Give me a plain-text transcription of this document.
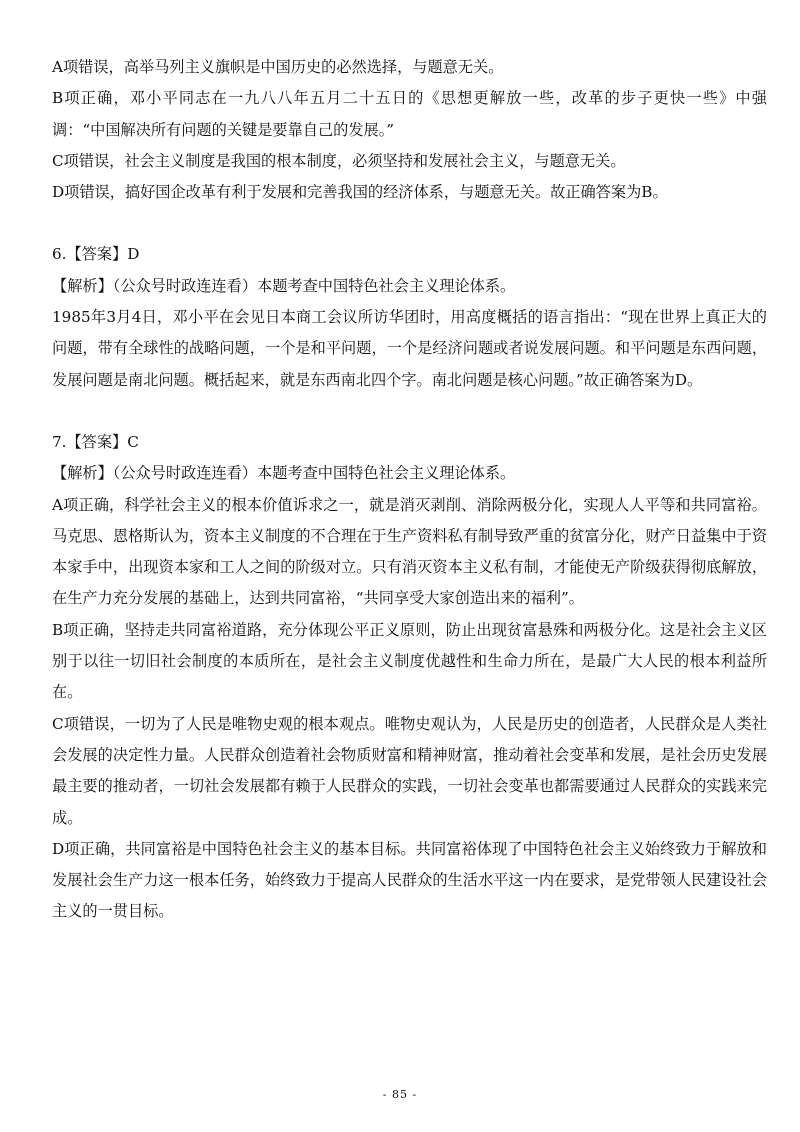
A项错误，高举马列主义旗帜是中国历史的必然选择，与题意无关。

B项正确，邓小平同志在一九八八年五月二十五日的《思想更解放一些，改革的步子更快一些》中强调：“中国解决所有问题的关键是要靠自己的发展。”

C项错误，社会主义制度是我国的根本制度，必须坚持和发展社会主义，与题意无关。

D项错误，搞好国企改革有利于发展和完善我国的经济体系，与题意无关。故正确答案为B。

6.【答案】D

【解析】（公众号时政连连看）本题考查中国特色社会主义理论体系。

1985年3月4日，邓小平在会见日本商工会议所访华团时，用高度概括的语言指出：“现在世界上真正大的问题，带有全球性的战略问题，一个是和平问题，一个是经济问题或者说发展问题。和平问题是东西问题，发展问题是南北问题。概括起来，就是东西南北四个字。南北问题是核心问题。”故正确答案为D。

7.【答案】C

【解析】（公众号时政连连看）本题考查中国特色社会主义理论体系。

A项正确，科学社会主义的根本价值诉求之一，就是消灭剥削、消除两极分化，实现人人平等和共同富裕。马克思、恩格斯认为，资本主义制度的不合理在于生产资料私有制导致严重的贫富分化，财产日益集中于资本家手中，出现资本家和工人之间的阶级对立。只有消灭资本主义私有制，才能使无产阶级获得彻底解放，在生产力充分发展的基础上，达到共同富裕，“共同享受大家创造出来的福利”。

B项正确，坚持走共同富裕道路，充分体现公平正义原则，防止出现贫富悬殊和两极分化。这是社会主义区别于以往一切旧社会制度的本质所在，是社会主义制度优越性和生命力所在，是最广大人民的根本利益所在。

C项错误，一切为了人民是唯物史观的根本观点。唯物史观认为，人民是历史的创造者，人民群众是人类社会发展的决定性力量。人民群众创造着社会物质财富和精神财富，推动着社会变革和发展，是社会历史发展最主要的推动者，一切社会发展都有赖于人民群众的实践，一切社会变革也都需要通过人民群众的实践来完成。

D项正确，共同富裕是中国特色社会主义的基本目标。共同富裕体现了中国特色社会主义始终致力于解放和发展社会生产力这一根本任务，始终致力于提高人民群众的生活水平这一内在要求，是党带领人民建设社会主义的一贯目标。

- 85 -
